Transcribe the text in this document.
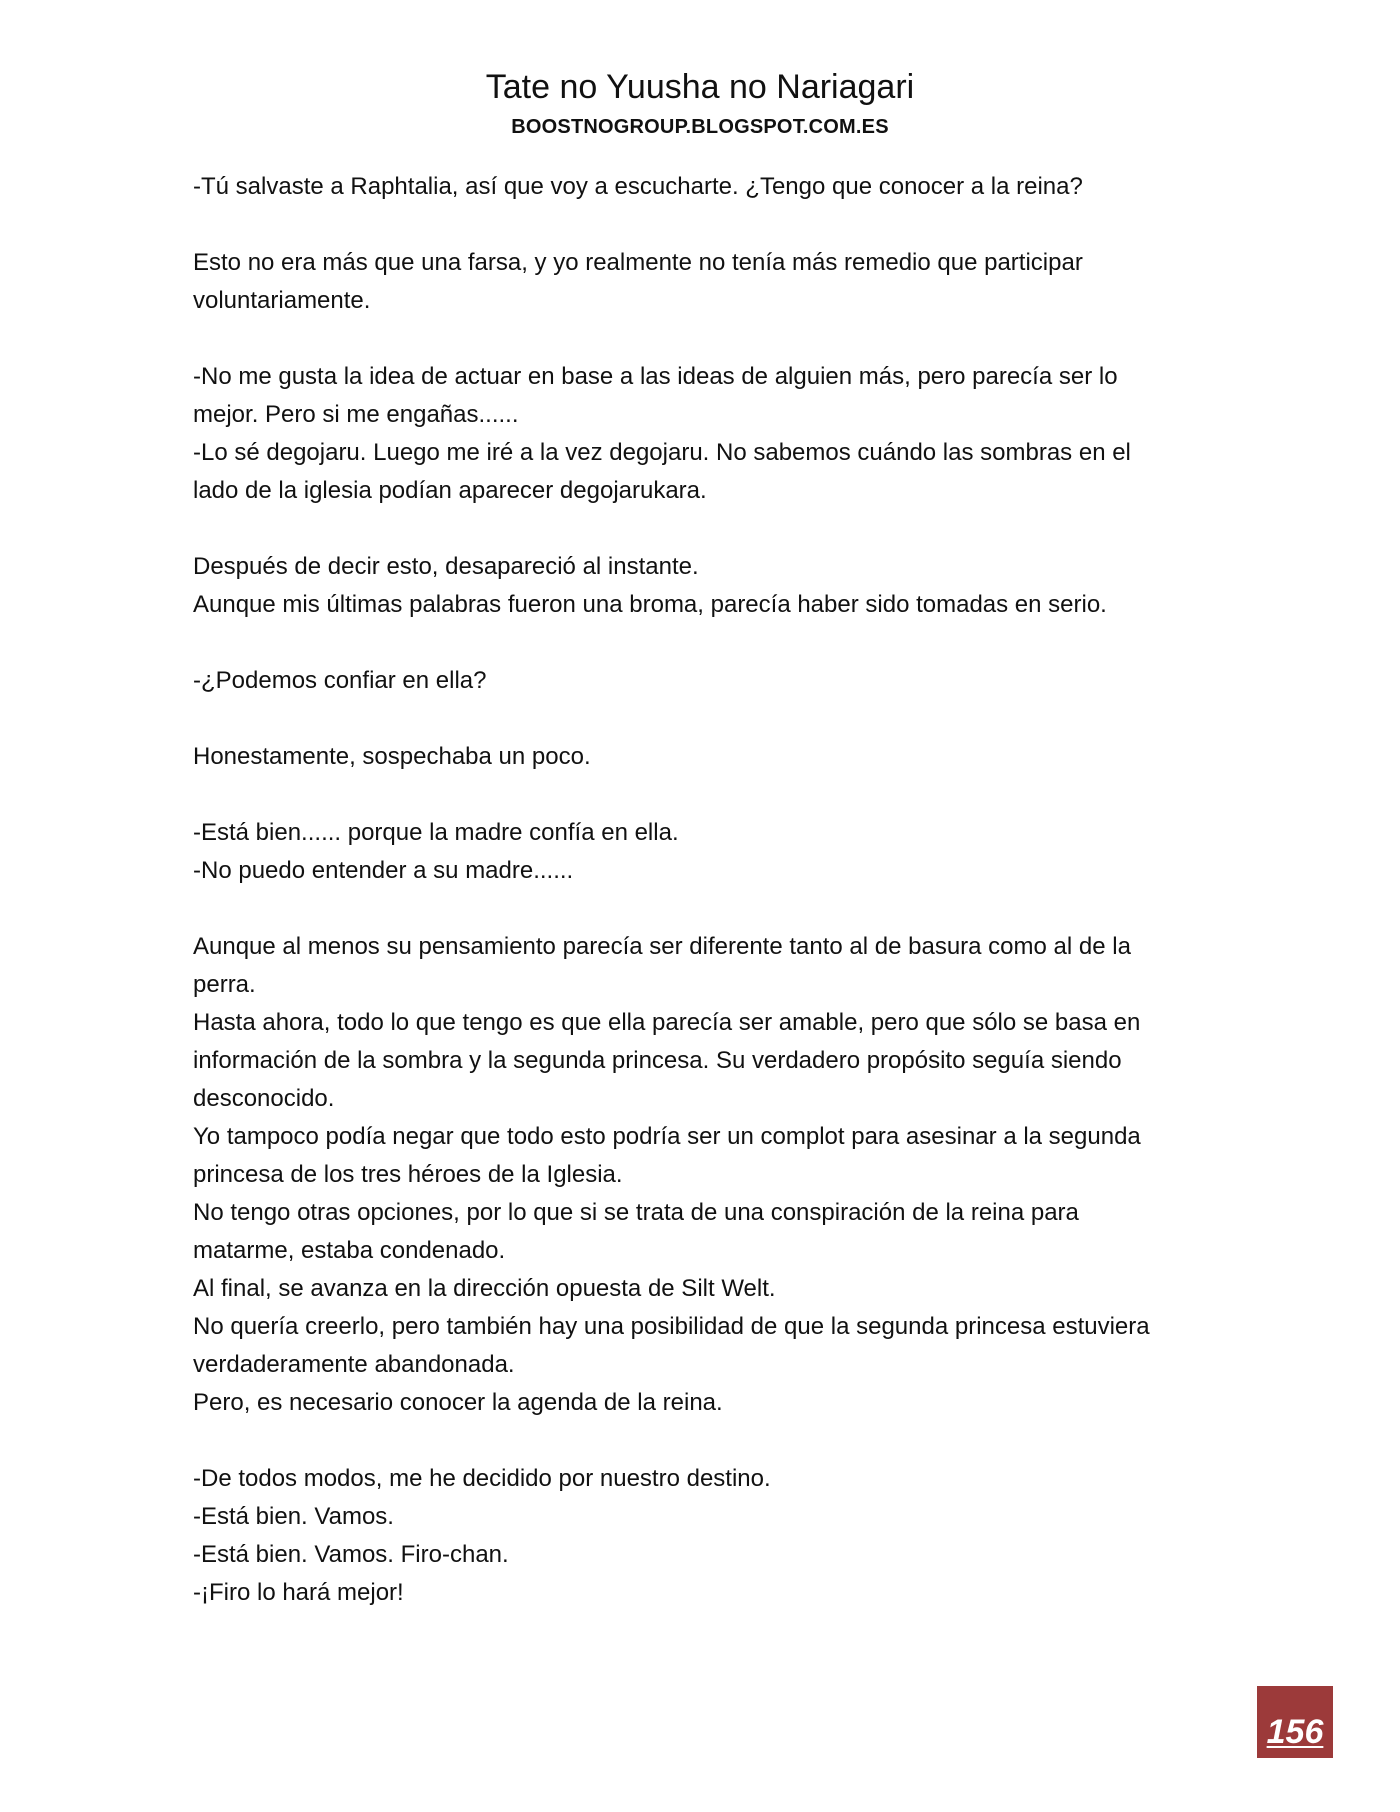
Tate no Yuusha no Nariagari
BOOSTNOGROUP.BLOGSPOT.COM.ES

-Tú salvaste a Raphtalia, así que voy a escucharte. ¿Tengo que conocer a la reina?

Esto no era más que una farsa, y yo realmente no tenía más remedio que participar

voluntariamente.

-No me gusta la idea de actuar en base a las ideas de alguien más, pero parecía ser lo

mejor. Pero si me engañas......

-Lo sé degojaru. Luego me iré a la vez degojaru. No sabemos cuándo las sombras en el

lado de la iglesia podían aparecer degojarukara.

Después de decir esto, desapareció al instante.

Aunque mis últimas palabras fueron una broma, parecía haber sido tomadas en serio.

-¿Podemos confiar en ella?

Honestamente, sospechaba un poco.

-Está bien...... porque la madre confía en ella.

-No puedo entender a su madre......

Aunque al menos su pensamiento parecía ser diferente tanto al de basura como al de la

perra.

Hasta ahora, todo lo que tengo es que ella parecía ser amable, pero que sólo se basa en

información de la sombra y la segunda princesa. Su verdadero propósito seguía siendo

desconocido.

Yo tampoco podía negar que todo esto podría ser un complot para asesinar a la segunda

princesa de los tres héroes de la Iglesia.

No tengo otras opciones, por lo que si se trata de una conspiración de la reina para

matarme, estaba condenado.

Al final, se avanza en la dirección opuesta de Silt Welt.

No quería creerlo, pero también hay una posibilidad de que la segunda princesa estuviera

verdaderamente abandonada.

Pero, es necesario conocer la agenda de la reina.

-De todos modos, me he decidido por nuestro destino.

-Está bien. Vamos.

-Está bien. Vamos. Firo-chan.

-¡Firo lo hará mejor!

156
